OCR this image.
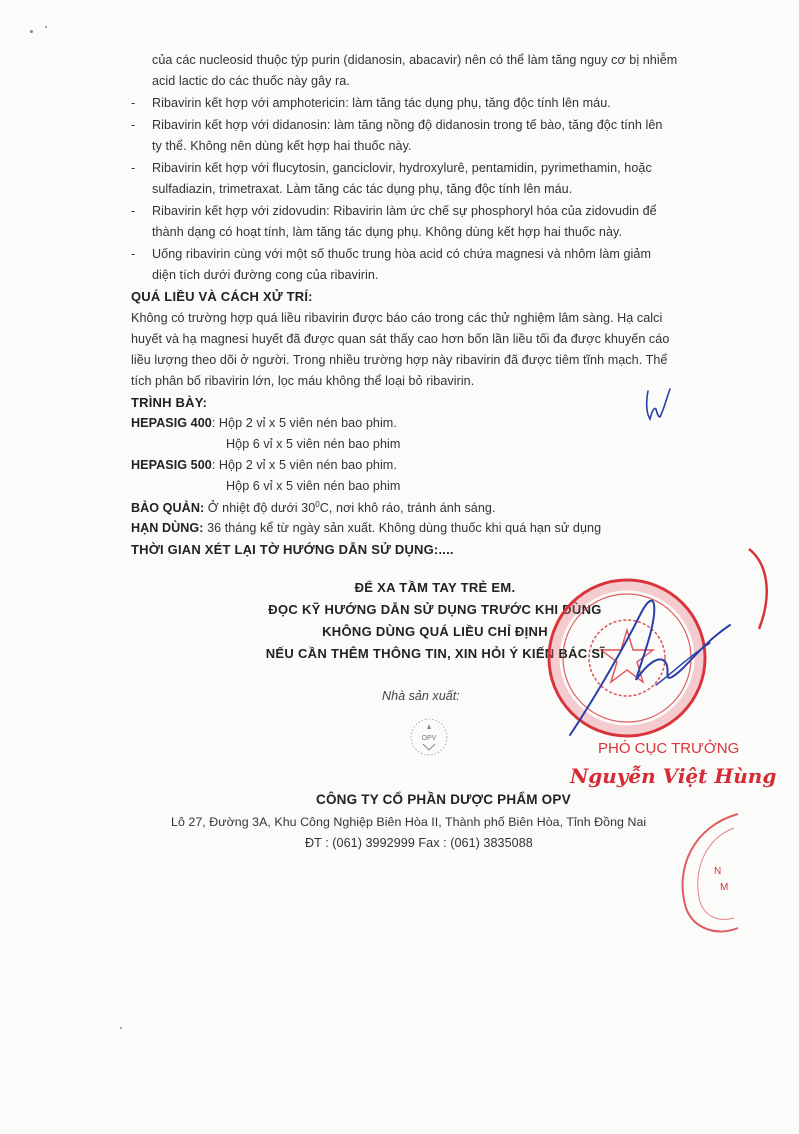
của các nucleosid thuộc týp purin (didanosin, abacavir) nên có thể làm tăng nguy cơ bị nhiễm
acid lactic do các thuốc này gây ra.
- Ribavirin kết hợp với amphotericin: làm tăng tác dụng phụ, tăng độc tính lên máu.
- Ribavirin kết hợp với didanosin: làm tăng nồng độ didanosin trong tế bào, tăng độc tính lên
ty thể. Không nên dùng kết hợp hai thuốc này.
- Ribavirin kết hợp với flucytosin, ganciclovir, hydroxylurê, pentamidin, pyrimethamin, hoặc
sulfadiazin, trimetraxat. Làm tăng các tác dụng phụ, tăng độc tính lên máu.
- Ribavirin kết hợp với zidovudin: Ribavirin làm ức chế sự phosphoryl hóa của zidovudin để
thành dạng có hoạt tính, làm tăng tác dụng phụ. Không dùng kết hợp hai thuốc này.
- Uống ribavirin cùng với một số thuốc trung hòa acid có chứa magnesi và nhôm làm giảm
diện tích dưới đường cong của ribavirin.
QUÁ LIỀU VÀ CÁCH XỬ TRÍ:
Không có trường hợp quá liều ribavirin được báo cáo trong các thử nghiệm lâm sàng. Hạ calci
huyết và hạ magnesi huyết đã được quan sát thấy cao hơn bốn lần liều tối đa được khuyến cáo
liều lượng theo dõi ở người. Trong nhiều trường hợp này ribavirin đã được tiêm tĩnh mạch. Thể
tích phân bố ribavirin lớn, lọc máu không thể loại bỏ ribavirin.
TRÌNH BÀY:
HEPASIG 400: Hộp 2 vỉ x 5 viên nén bao phim.
Hộp 6 vỉ x 5 viên nén bao phim
HEPASIG 500: Hộp 2 vỉ x 5 viên nén bao phim.
Hộp 6 vỉ x 5 viên nén bao phim
BẢO QUẢN: Ở nhiệt độ dưới $30^0C$, nơi khô ráo, tránh ánh sáng.
HẠN DÙNG: 36 tháng kể từ ngày sản xuất. Không dùng thuốc khi quá hạn sử dụng
THỜI GIAN XÉT LẠI TỜ HƯỚNG DẪN SỬ DỤNG:....
ĐỂ XA TẦM TAY TRẺ EM.
ĐỌC KỸ HƯỚNG DẪN SỬ DỤNG TRƯỚC KHI DÙNG
KHÔNG DÙNG QUÁ LIỀU CHỈ ĐỊNH
NẾU CẦN THÊM THÔNG TIN, XIN HỎI Ý KIẾN BÁC SĨ
Nhà sản xuất:
OPV
CÔNG TY CỔ PHẦN DƯỢC PHẨM OPV
Lô 27, Đường 3A, Khu Công Nghiệp Biên Hòa II, Thành phố Biên Hòa, Tỉnh Đồng Nai
ĐT : (061) 3992999 Fax : (061) 3835088
N
M
PHÓ CỤC TRƯỞNG
Nguyễn Việt Hùng
